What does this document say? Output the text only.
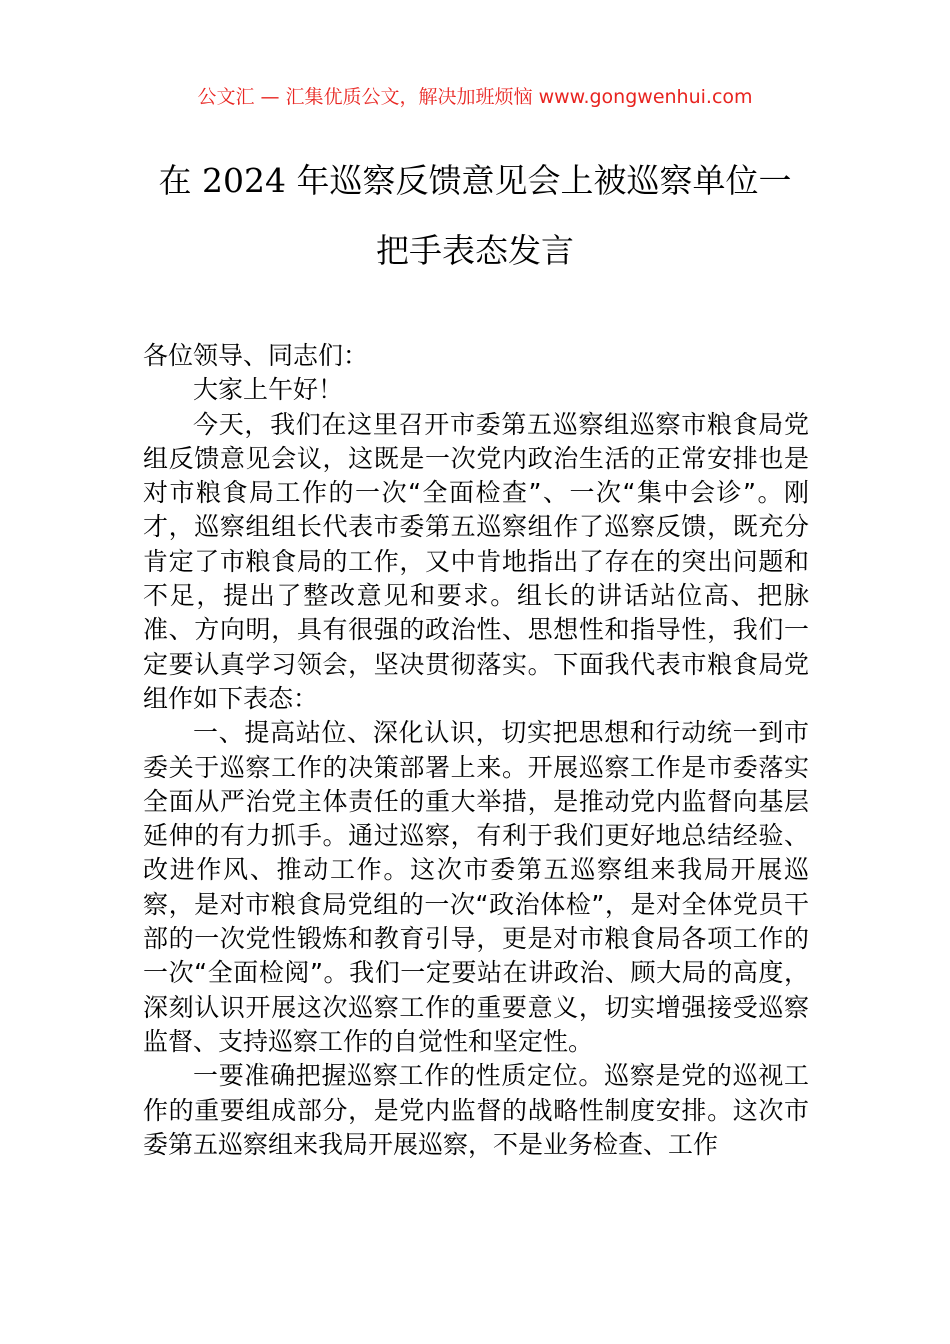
公文汇 — 汇集优质公文，解决加班烦恼 www.gongwenhui.com
在 2024 年巡察反馈意见会上被巡察单位一
把手表态发言

各位领导、同志们：

大家上午好！

今天，我们在这里召开市委第五巡察组巡察市粮食局党组反馈意见会议，这既是一次党内政治生活的正常安排也是对市粮食局工作的一次“全面检查”、一次“集中会诊”。刚才，巡察组组长代表市委第五巡察组作了巡察反馈，既充分肯定了市粮食局的工作，又中肯地指出了存在的突出问题和不足，提出了整改意见和要求。组长的讲话站位高、把脉准、方向明，具有很强的政治性、思想性和指导性，我们一定要认真学习领会，坚决贯彻落实。下面我代表市粮食局党组作如下表态：

一、提高站位、深化认识，切实把思想和行动统一到市委关于巡察工作的决策部署上来。开展巡察工作是市委落实全面从严治党主体责任的重大举措，是推动党内监督向基层延伸的有力抓手。通过巡察，有利于我们更好地总结经验、改进作风、推动工作。这次市委第五巡察组来我局开展巡察，是对市粮食局党组的一次“政治体检”，是对全体党员干部的一次党性锻炼和教育引导，更是对市粮食局各项工作的一次“全面检阅”。我们一定要站在讲政治、顾大局的高度，深刻认识开展这次巡察工作的重要意义，切实增强接受巡察监督、支持巡察工作的自觉性和坚定性。

一要准确把握巡察工作的性质定位。巡察是党的巡视工作的重要组成部分，是党内监督的战略性制度安排。这次市委第五巡察组来我局开展巡察，不是业务检查、工作
